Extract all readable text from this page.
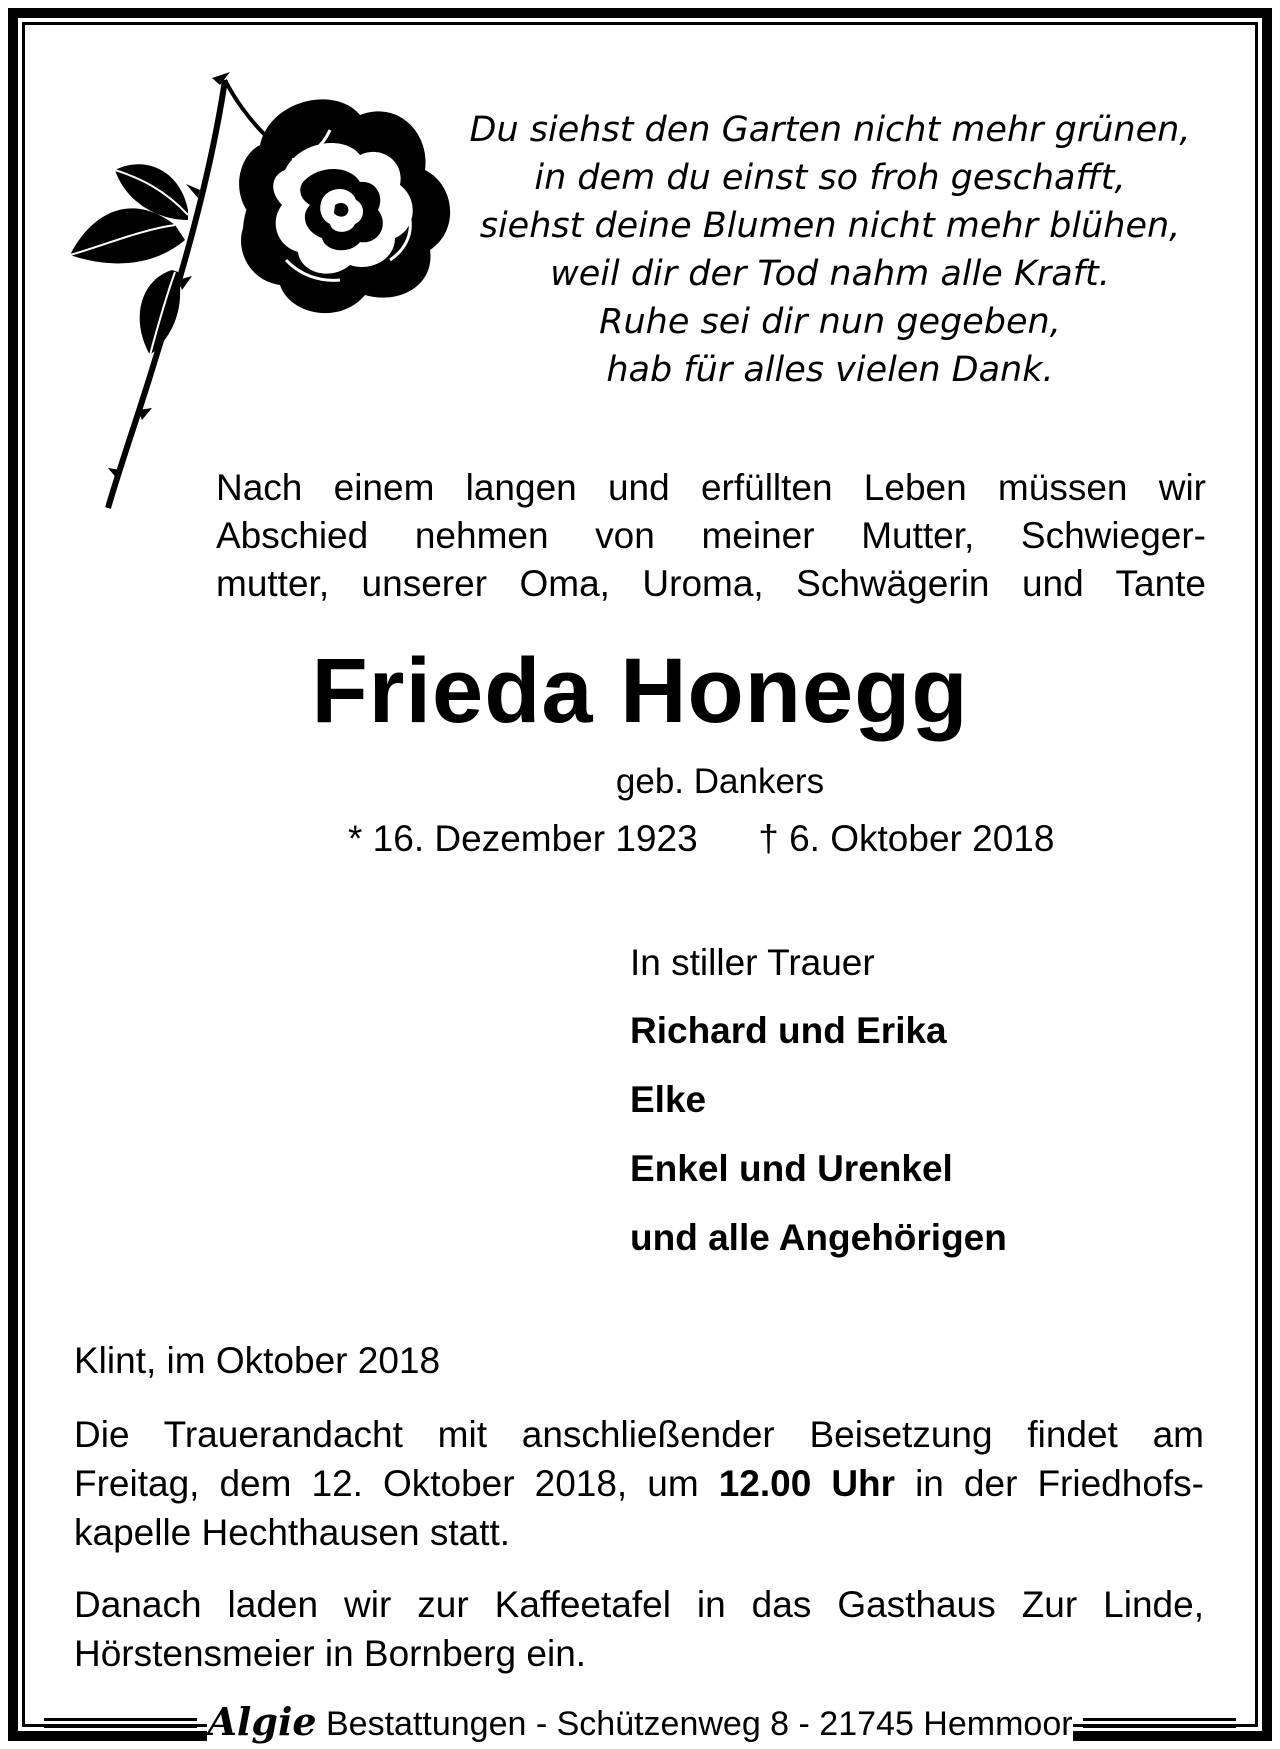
Du siehst den Garten nicht mehr grünen,
in dem du einst so froh geschafft,
siehst deine Blumen nicht mehr blühen,
weil dir der Tod nahm alle Kraft.
Ruhe sei dir nun gegeben,
hab für alles vielen Dank.
Nach einem langen und erfüllten Leben müssen wir
Abschied nehmen von meiner Mutter, Schwieger-
mutter, unserer Oma, Uroma, Schwägerin und Tante
Frieda Honegg
geb. Dankers
* 16. Dezember 1923 † 6. Oktober 2018
In stiller Trauer
Richard und Erika
Elke
Enkel und Urenkel
und alle Angehörigen
Klint, im Oktober 2018
Die Trauerandacht mit anschließender Beisetzung findet am
Freitag, dem 12. Oktober 2018, um 12.00 Uhr in der Friedhofs-
kapelle Hechthausen statt.
Danach laden wir zur Kaffeetafel in das Gasthaus Zur Linde,
Hörstensmeier in Bornberg ein.
Algie Bestattungen - Schützenweg 8 - 21745 Hemmoor
